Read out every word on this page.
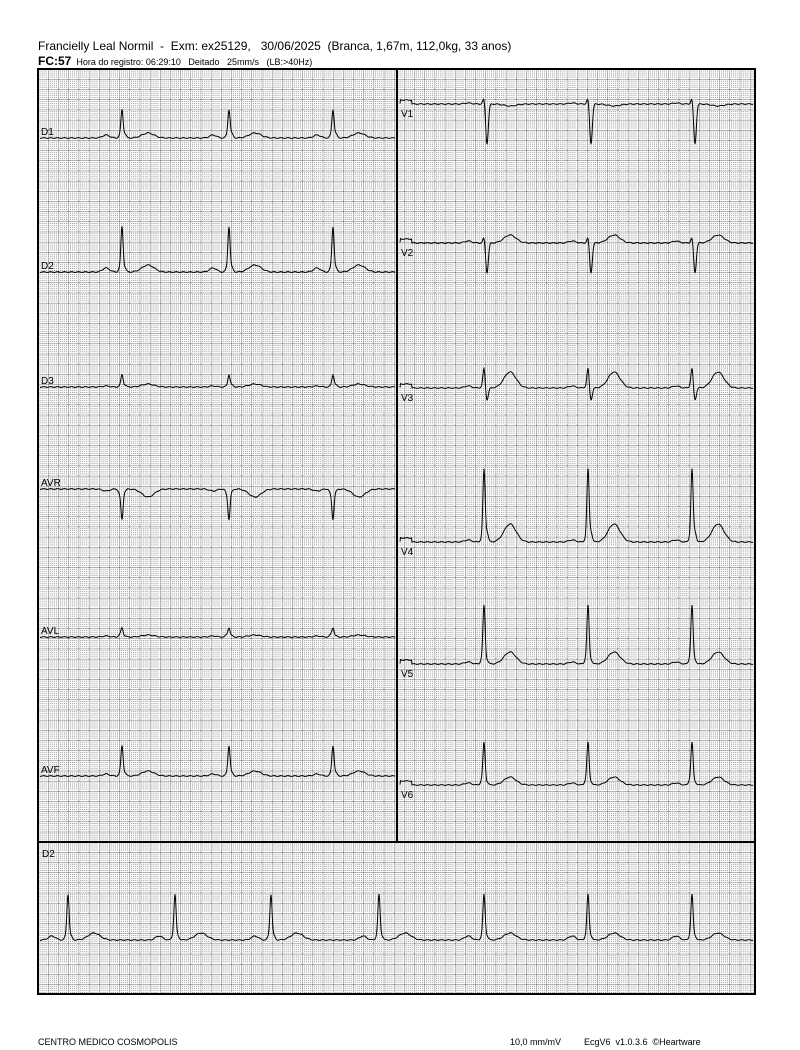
Francielly Leal Normil  -  Exm: ex25129,   30/06/2025  (Branca, 1,67m, 112,0kg, 33 anos)
FC:57 Hora do registro: 06:29:10   Deitado   25mm/s   (LB:>40Hz)
D1
D2
D3
AVR
AVL
AVF
V1
V2
V3
V4
V5
V6
D2
CENTRO MEDICO COSMOPOLIS	10,0 mm/mV	EcgV6  v1.0.3.6  ©Heartware
